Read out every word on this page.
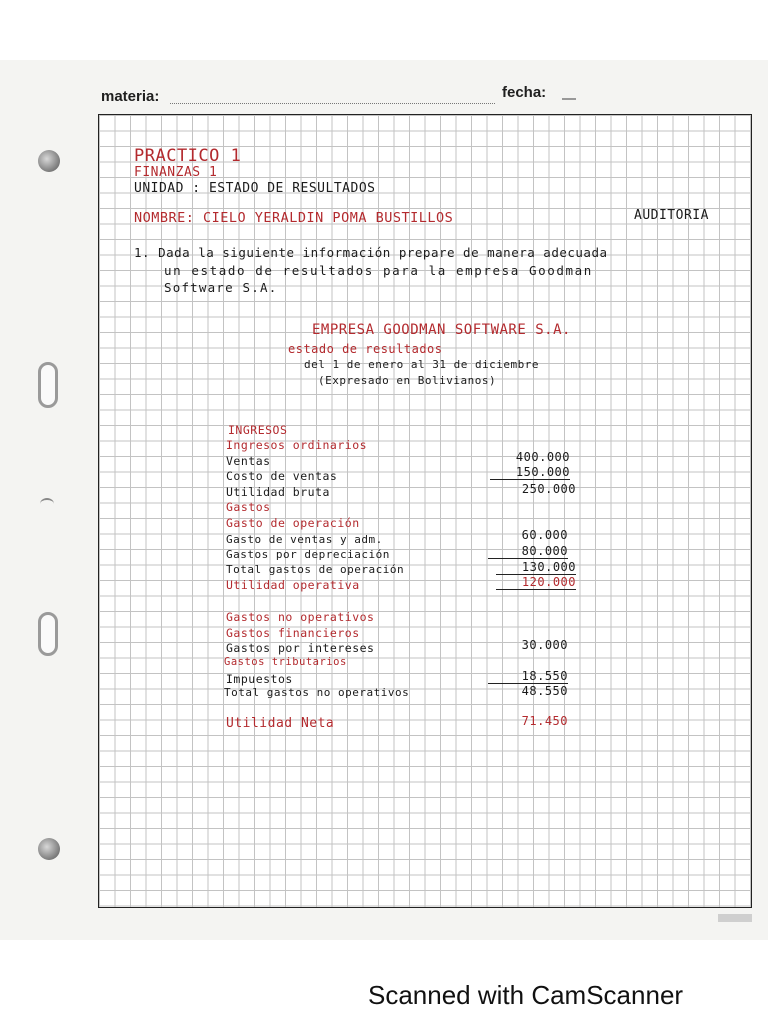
materia:	fecha:
PRACTICO 1
FINANZAS 1
UNIDAD : ESTADO DE RESULTADOS
NOMBRE: CIELO YERALDIN POMA BUSTILLOS	AUDITORIA
1. Dada la siguiente información prepare de manera adecuada
un estado de resultados para la empresa Goodman
Software S.A.
EMPRESA GOODMAN SOFTWARE S.A.
estado de resultados
del 1 de enero al 31 de diciembre
(Expresado en Bolivianos)
INGRESOS
Ingresos ordinarios
Ventas	400.000
Costo de ventas	150.000
Utilidad bruta	250.000
Gastos
Gasto de operación
Gasto de ventas y adm.	60.000
Gastos por depreciación	80.000
Total gastos de operación	130.000
Utilidad operativa	120.000
Gastos no operativos
Gastos financieros
Gastos por intereses	30.000
Gastos tributarios
Impuestos	18.550
Total gastos no operativos	48.550
Utilidad Neta	71.450
Scanned with CamScanner
